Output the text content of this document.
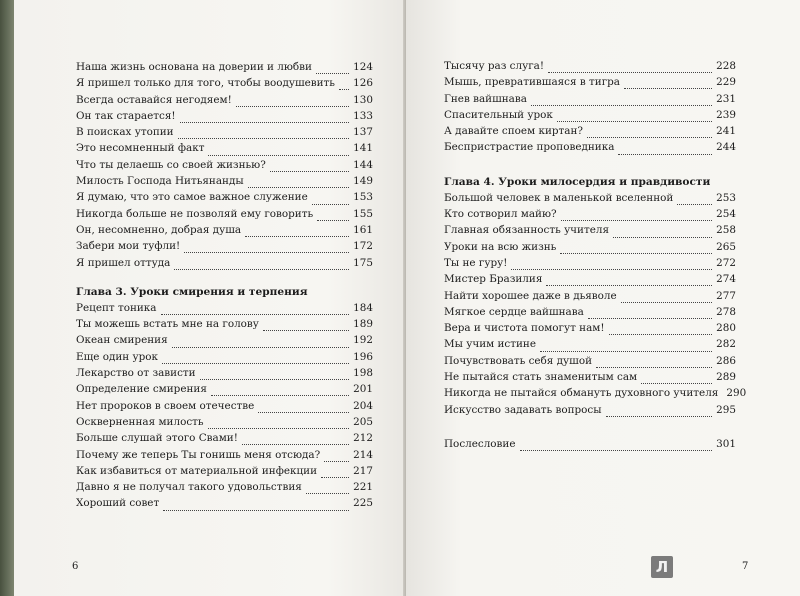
Наша жизнь основана на доверии и любви	124
Я пришел только для того, чтобы воодушевить 126
Всегда оставайся негодяем!	130
Он так старается!	133
В поисках утопии	137
Это несомненный факт	141
Что ты делаешь со своей жизнью?	144
Милость Господа Нитьянанды	149
Я думаю, что это самое важное служение	153
Никогда больше не позволяй ему говорить	155
Он, несомненно, добрая душа	161
Забери мои туфли!	172
Я пришел оттуда	175
Глава 3. Уроки смирения и терпения
Рецепт тоника	184
Ты можешь встать мне на голову	189
Океан смирения	192
Еще один урок	196
Лекарство от зависти	198
Определение смирения	201
Нет пророков в своем отечестве	204
Оскверненная милость	205
Больше слушай этого Свами!	212
Почему же теперь Ты гонишь меня отсюда?	214
Как избавиться от материальной инфекции	217
Давно я не получал такого удовольствия	221
Хороший совет	225
6
Тысячу раз слуга!	228
Мышь, превратившаяся в тигра	229
Гнев вайшнава	231
Спасительный урок	239
А давайте споем киртан?	241
Беспристрастие проповедника	244
Глава 4. Уроки милосердия и правдивости
Большой человек в маленькой вселенной	253
Кто сотворил майю?	254
Главная обязанность учителя	258
Уроки на всю жизнь	265
Ты не гуру!	272
Мистер Бразилия	274
Найти хорошее даже в дьяволе	277
Мягкое сердце вайшнава	278
Вера и чистота помогут нам!	280
Мы учим истине	282
Почувствовать себя душой	286
Не пытайся стать знаменитым сам	289
Никогда не пытайся обмануть духовного учителя 290
Искусство задавать вопросы	295
Послесловие	301
Л	7
